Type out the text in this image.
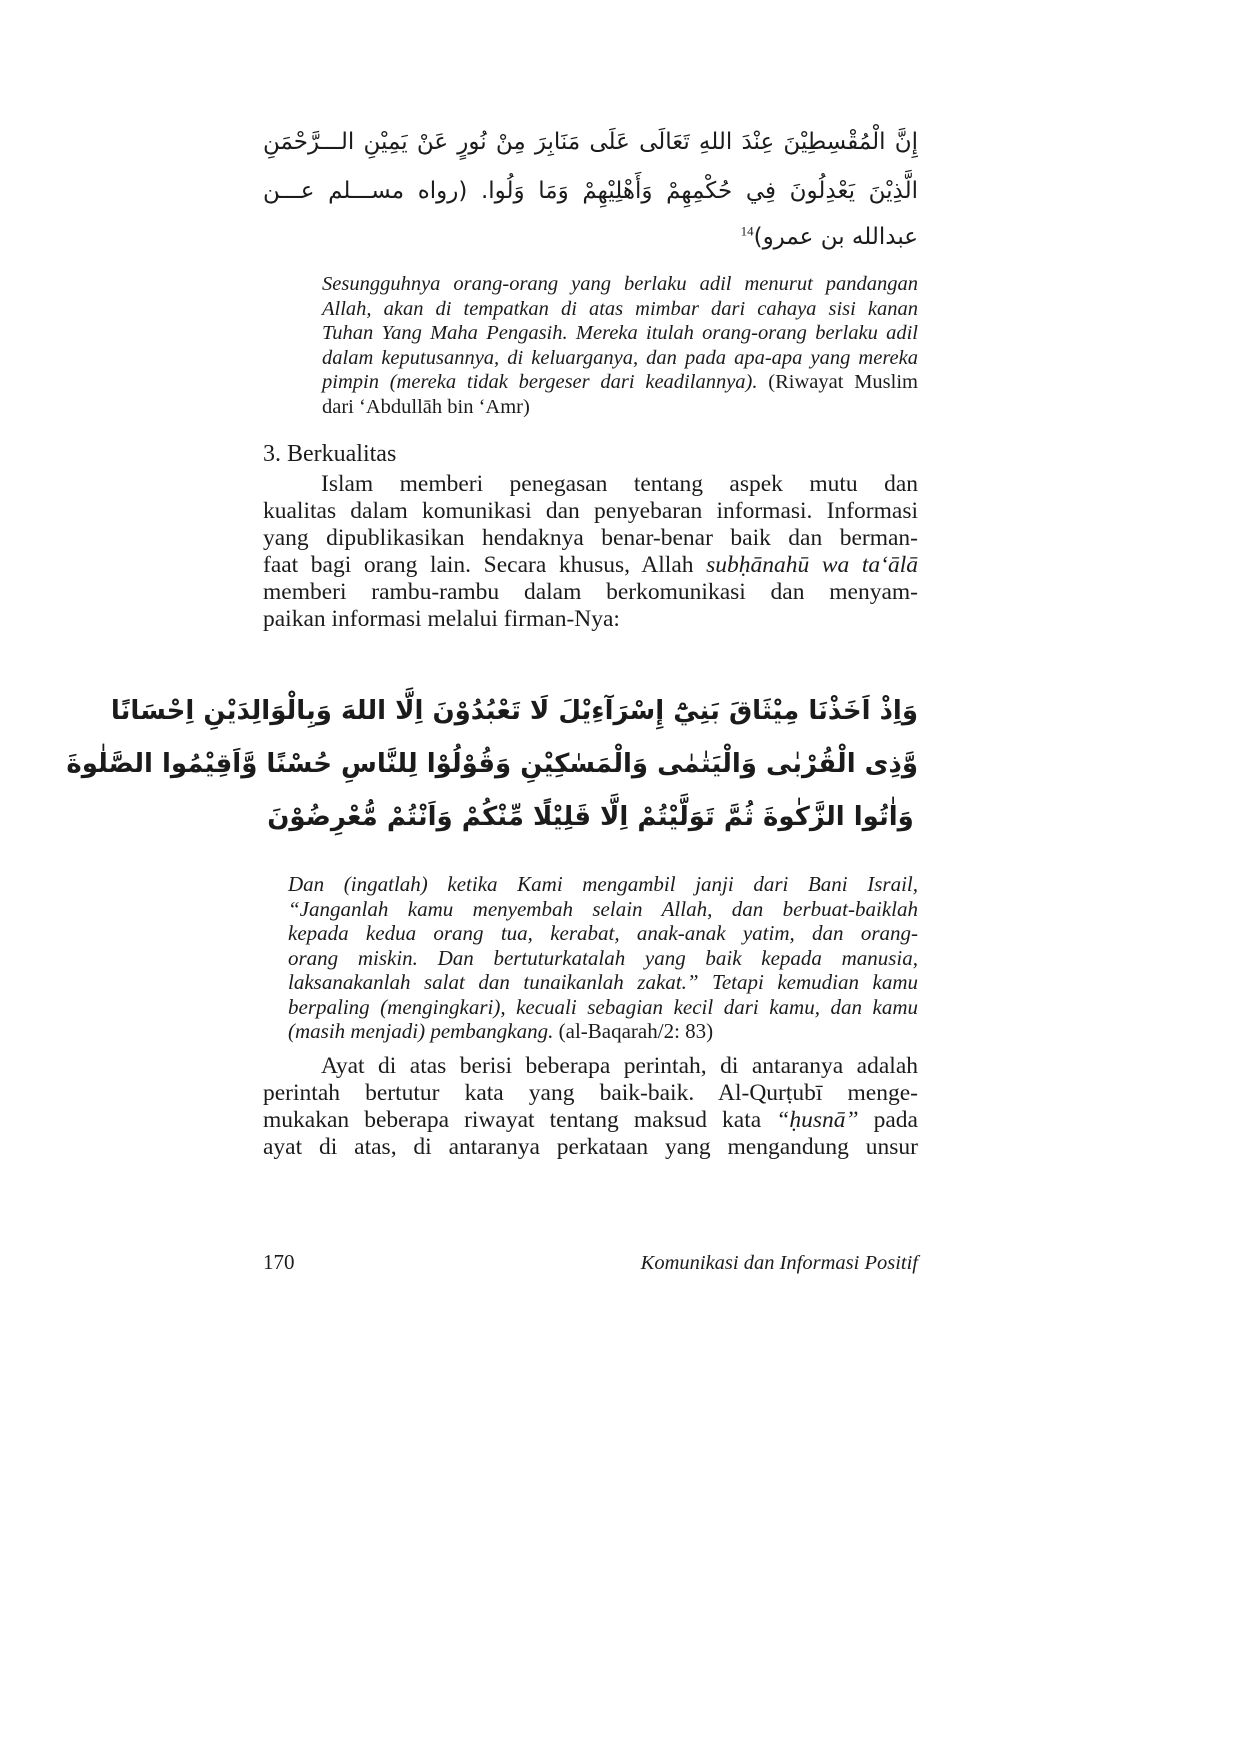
إِنَّ الْمُقْسِطِيْنَ عِنْدَ اللهِ تَعَالَى عَلَى مَنَابِرَ مِنْ نُورٍ عَنْ يَمِيْنِ الـــرَّحْمَنِ
الَّذِيْنَ يَعْدِلُونَ فِي حُكْمِهِمْ وَأَهْلِيْهِمْ وَمَا وَلُوا. (رواه مســـلم عـــن
عبدالله بن عمرو)$^{14}$
Sesungguhnya orang-orang yang berlaku adil menurut pandangan
Allah, akan di tempatkan di atas mimbar dari cahaya sisi kanan
Tuhan Yang Maha Pengasih. Mereka itulah orang-orang berlaku adil
dalam keputusannya, di keluarganya, dan pada apa-apa yang mereka
pimpin (mereka tidak bergeser dari keadilannya). (Riwayat Muslim
dari ‘Abdullāh bin ‘Amr)
3. Berkualitas
Islam memberi penegasan tentang aspek mutu dan
kualitas dalam komunikasi dan penyebaran informasi. Informasi
yang dipublikasikan hendaknya benar-benar baik dan berman-
faat bagi orang lain. Secara khusus, Allah subḥānahū wa ta‘ālā
memberi rambu-rambu dalam berkomunikasi dan menyam-
paikan informasi melalui firman-Nya:
وَاِذْ اَخَذْنَا مِيْثَاقَ بَنِيْٓ إِسْرَآءِيْلَ لَا تَعْبُدُوْنَ اِلَّا اللهَ وَبِالْوَالِدَيْنِ اِحْسَانًا
وَّذِى الْقُرْبٰى وَالْيَتٰمٰى وَالْمَسٰكِيْنِ وَقُوْلُوْا لِلنَّاسِ حُسْنًا وَّاَقِيْمُوا الصَّلٰوةَ
وَاٰتُوا الزَّكٰوةَ ثُمَّ تَوَلَّيْتُمْ اِلَّا قَلِيْلًا مِّنْكُمْ وَاَنْتُمْ مُّعْرِضُوْنَ
Dan (ingatlah) ketika Kami mengambil janji dari Bani Israil,
“Janganlah kamu menyembah selain Allah, dan berbuat-baiklah
kepada kedua orang tua, kerabat, anak-anak yatim, dan orang-
orang miskin. Dan bertuturkatalah yang baik kepada manusia,
laksanakanlah salat dan tunaikanlah zakat.” Tetapi kemudian kamu
berpaling (mengingkari), kecuali sebagian kecil dari kamu, dan kamu
(masih menjadi) pembangkang. (al-Baqarah/2: 83)
Ayat di atas berisi beberapa perintah, di antaranya adalah
perintah bertutur kata yang baik-baik. Al-Qurṭubī menge-
mukakan beberapa riwayat tentang maksud kata “ḥusnā” pada
ayat di atas, di antaranya perkataan yang mengandung unsur
170	Komunikasi dan Informasi Positif
